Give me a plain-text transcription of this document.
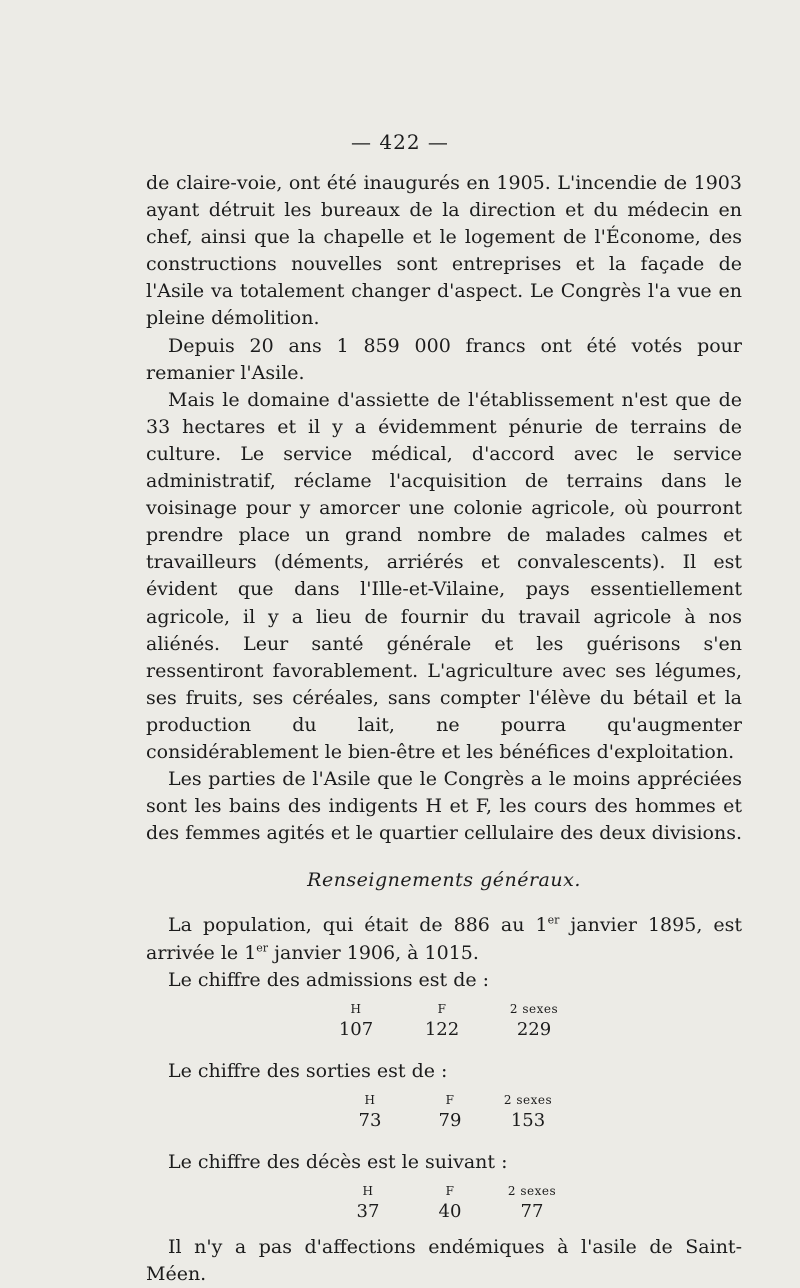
— 422 —

de claire-voie, ont été inaugurés en 1905. L'incendie de 1903 ayant détruit les bureaux de la direction et du médecin en chef, ainsi que la chapelle et le logement de l'Économe, des constructions nouvelles sont entreprises et la façade de l'Asile va totalement changer d'aspect. Le Congrès l'a vue en pleine démolition.

Depuis 20 ans 1 859 000 francs ont été votés pour remanier l'Asile.

Mais le domaine d'assiette de l'établissement n'est que de 33 hectares et il y a évidemment pénurie de terrains de culture. Le service médical, d'accord avec le service administratif, réclame l'acquisition de terrains dans le voisinage pour y amorcer une colonie agricole, où pourront prendre place un grand nombre de malades calmes et travailleurs (déments, arriérés et convalescents). Il est évident que dans l'Ille-et-Vilaine, pays essentiellement agricole, il y a lieu de fournir du travail agricole à nos aliénés. Leur santé générale et les guérisons s'en ressentiront favorablement. L'agriculture avec ses légumes, ses fruits, ses céréales, sans compter l'élève du bétail et la production du lait, ne pourra qu'augmenter considérablement le bien-être et les bénéfices d'exploitation.

Les parties de l'Asile que le Congrès a le moins appréciées sont les bains des indigents H et F, les cours des hommes et des femmes agités et le quartier cellulaire des deux divisions.

Renseignements généraux.

La population, qui était de 886 au 1er janvier 1895, est arrivée le 1er janvier 1906, à 1015.

Le chiffre des admissions est de :

H	F	2 sexes
107	122	229

Le chiffre des sorties est de :

H	F	2 sexes
73	79	153

Le chiffre des décès est le suivant :

H	F	2 sexes
37	40	77

Il n'y a pas d'affections endémiques à l'asile de Saint-Méen.
